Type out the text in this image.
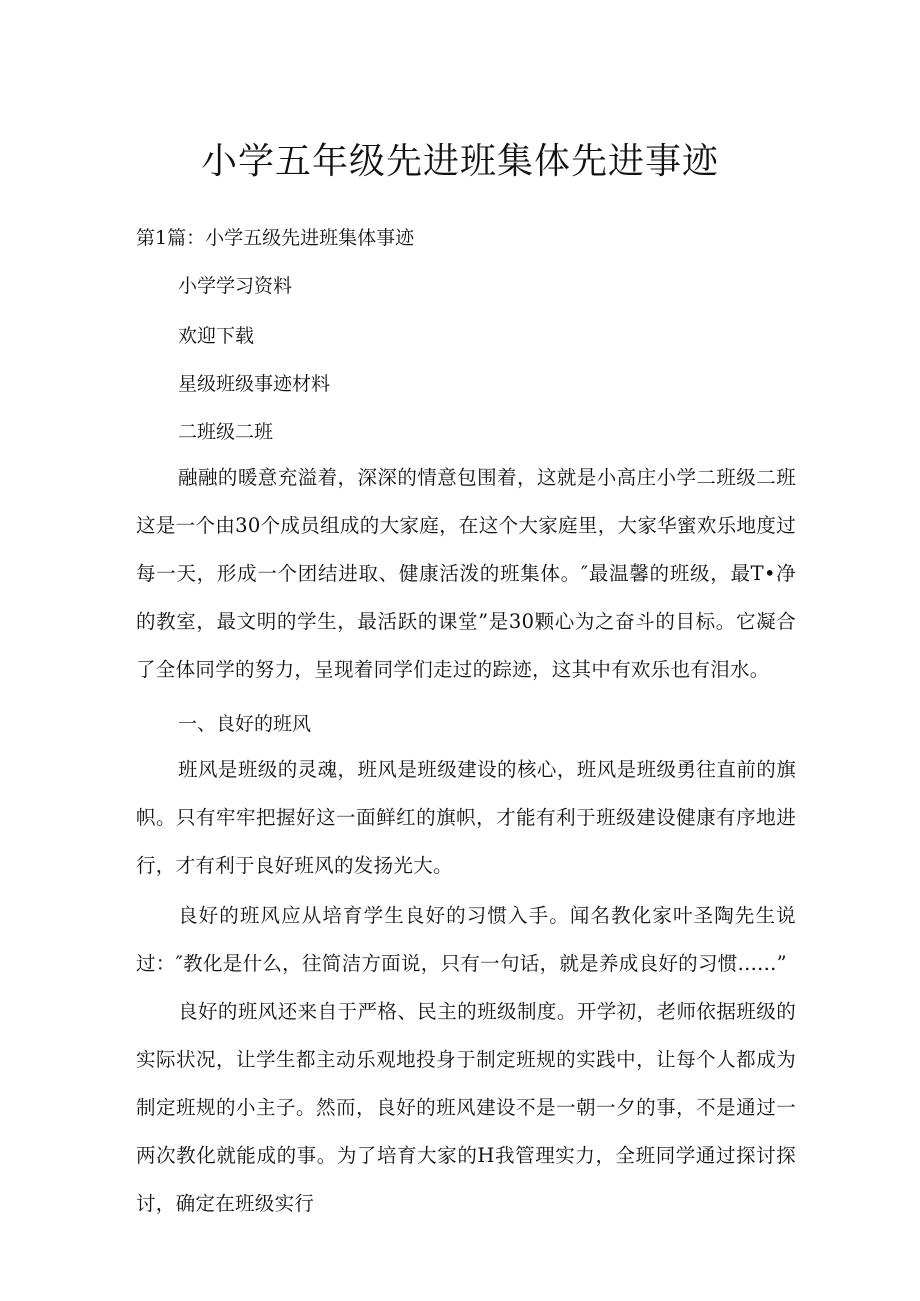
小学五年级先进班集体先进事迹
第1篇：小学五级先进班集体事迹
小学学习资料
欢迎下载
星级班级事迹材料
二班级二班
融融的暖意充溢着，深深的情意包围着，这就是小高庄小学二班级二班这是一个由30个成员组成的大家庭，在这个大家庭里，大家华蜜欢乐地度过每一天，形成一个团结进取、健康活泼的班集体。″最温馨的班级，最T•净的教室，最文明的学生，最活跃的课堂”是30颗心为之奋斗的目标。它凝合了全体同学的努力，呈现着同学们走过的踪迹，这其中有欢乐也有泪水。
一、良好的班风
班风是班级的灵魂，班风是班级建设的核心，班风是班级勇往直前的旗帜。只有牢牢把握好这一面鲜红的旗帜，才能有利于班级建设健康有序地进行，才有利于良好班风的发扬光大。
良好的班风应从培育学生良好的习惯入手。闻名教化家叶圣陶先生说过：″教化是什么，往简洁方面说，只有一句话，就是养成良好的习惯......”
良好的班风还来自于严格、民主的班级制度。开学初，老师依据班级的实际状况，让学生都主动乐观地投身于制定班规的实践中，让每个人都成为制定班规的小主子。然而，良好的班风建设不是一朝一夕的事，不是通过一两次教化就能成的事。为了培育大家的H我管理实力，全班同学通过探讨探讨，确定在班级实行
